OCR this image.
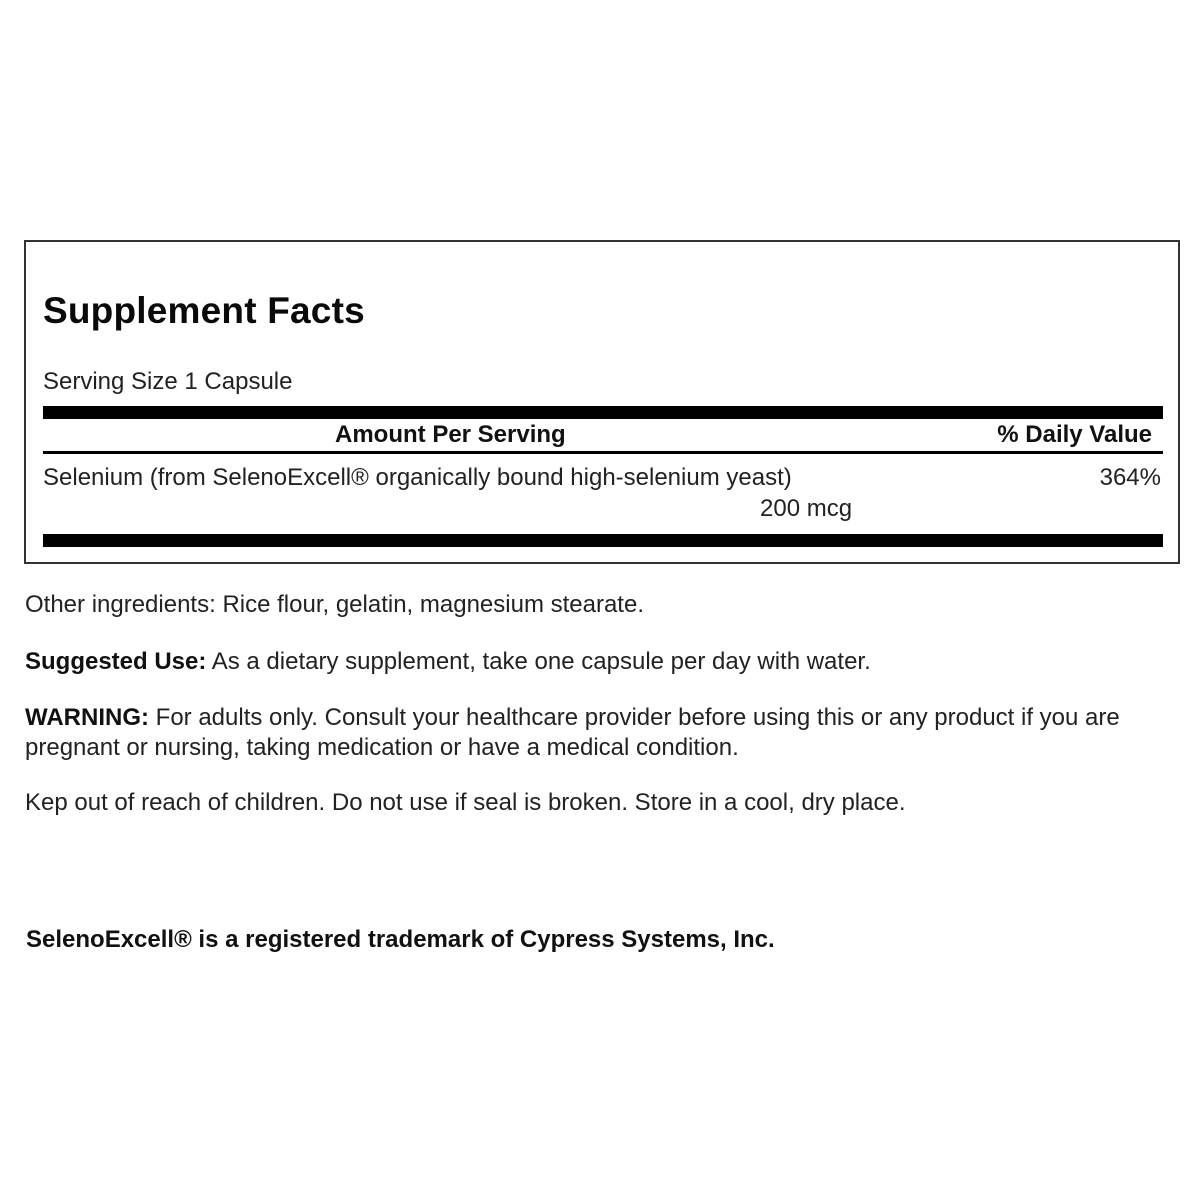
Supplement Facts
Serving Size 1 Capsule
Amount Per Serving	% Daily Value
Selenium (from SelenoExcell® organically bound high-selenium yeast)
200 mcg
364%

Other ingredients: Rice flour, gelatin, magnesium stearate.

Suggested Use: As a dietary supplement, take one capsule per day with water.

WARNING: For adults only. Consult your healthcare provider before using this or any product if you are pregnant or nursing, taking medication or have a medical condition.

Kep out of reach of children. Do not use if seal is broken. Store in a cool, dry place.

SelenoExcell® is a registered trademark of Cypress Systems, Inc.
